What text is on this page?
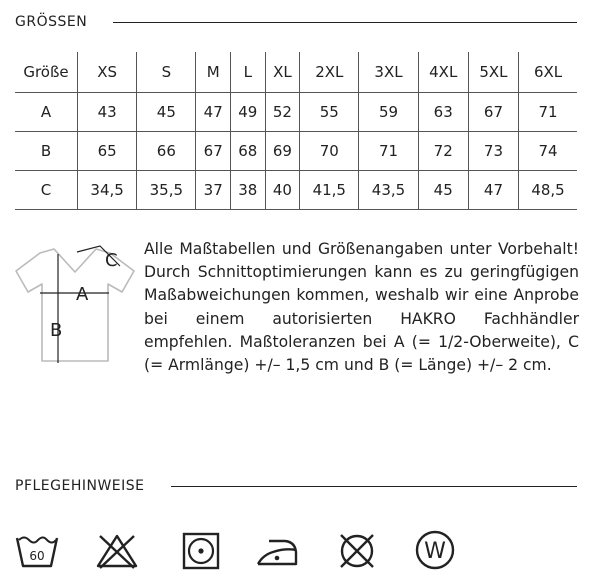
GRÖSSEN
Größe	XS	S	M	L	XL	2XL	3XL	4XL	5XL	6XL
A	43	45	47	49	52	55	59	63	67	71
B	65	66	67	68	69	70	71	72	73	74
C	34,5	35,5	37	38	40	41,5	43,5	45	47	48,5
A
B
C

Alle Maßtabellen und Größenangaben unter Vorbehalt! Durch Schnittoptimierungen kann es zu geringfügigen Maßabweichungen kommen, weshalb wir eine Anprobe bei einem autorisierten HAKRO Fachhändler empfehlen. Maßtoleranzen bei A (= 1/2-Oberweite), C (= Armlänge) +/– 1,5 cm und B (= Länge) +/– 2 cm.

PFLEGEHINWEISE
60	W
